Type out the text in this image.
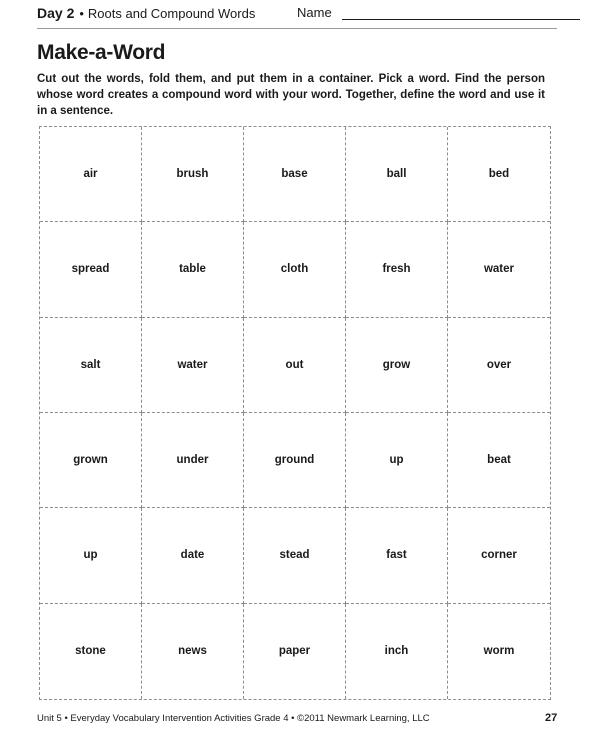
Day 2 • Roots and Compound Words	Name
Make-a-Word

Cut out the words, fold them, and put them in a container. Pick a word. Find the person whose word creates a compound word with your word. Together, define the word and use it in a sentence.

air	brush	base	ball	bed
spread	table	cloth	fresh	water
salt	water	out	grow	over
grown	under	ground	up	beat
up	date	stead	fast	corner
stone	news	paper	inch	worm
Unit 5 • Everyday Vocabulary Intervention Activities Grade 4 • ©2011 Newmark Learning, LLC	27
